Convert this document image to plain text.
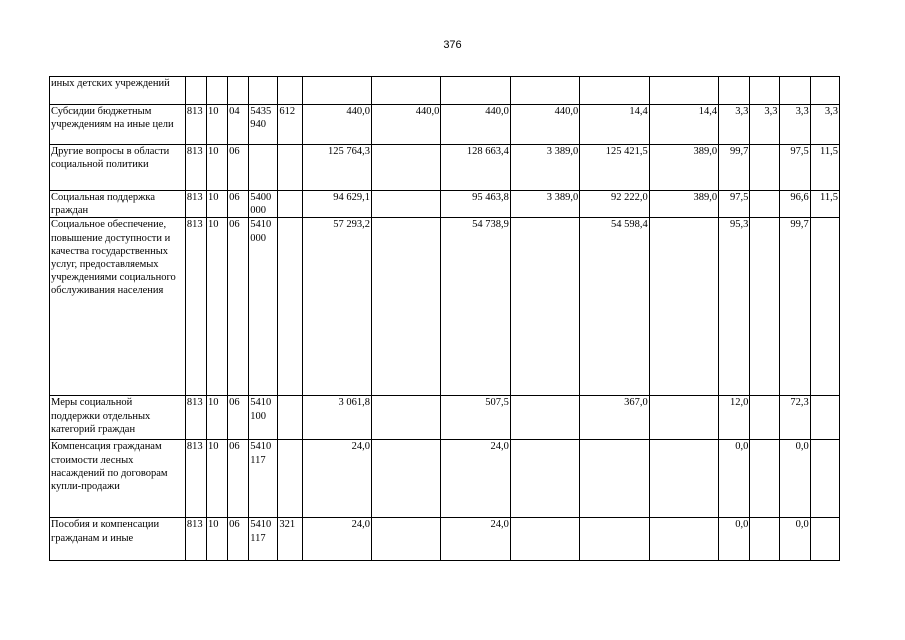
376
иных детских учреждений															
Субсидии бюджетным учреждениям на иные цели	813	10	04	5435 940	612	440,0	440,0	440,0	440,0	14,4	14,4	3,3	3,3	3,3	3,3
Другие вопросы в области социальной политики	813	10	06			125 764,3		128 663,4	3 389,0	125 421,5	389,0	99,7		97,5	11,5
Социальная поддержка граждан	813	10	06	5400 000		94 629,1		95 463,8	3 389,0	92 222,0	389,0	97,5		96,6	11,5
Социальное обеспечение, повышение доступности и качества государственных услуг, предоставляемых учреждениями социального обслуживания населения	813	10	06	5410 000		57 293,2		54 738,9		54 598,4		95,3		99,7	
Меры социальной поддержки отдельных категорий граждан	813	10	06	5410 100		3 061,8		507,5		367,0		12,0		72,3	
Компенсация гражданам стоимости лесных насаждений по договорам купли-продажи	813	10	06	5410 117		24,0		24,0				0,0		0,0	
Пособия и компенсации гражданам и иные	813	10	06	5410 117	321	24,0		24,0				0,0		0,0	
